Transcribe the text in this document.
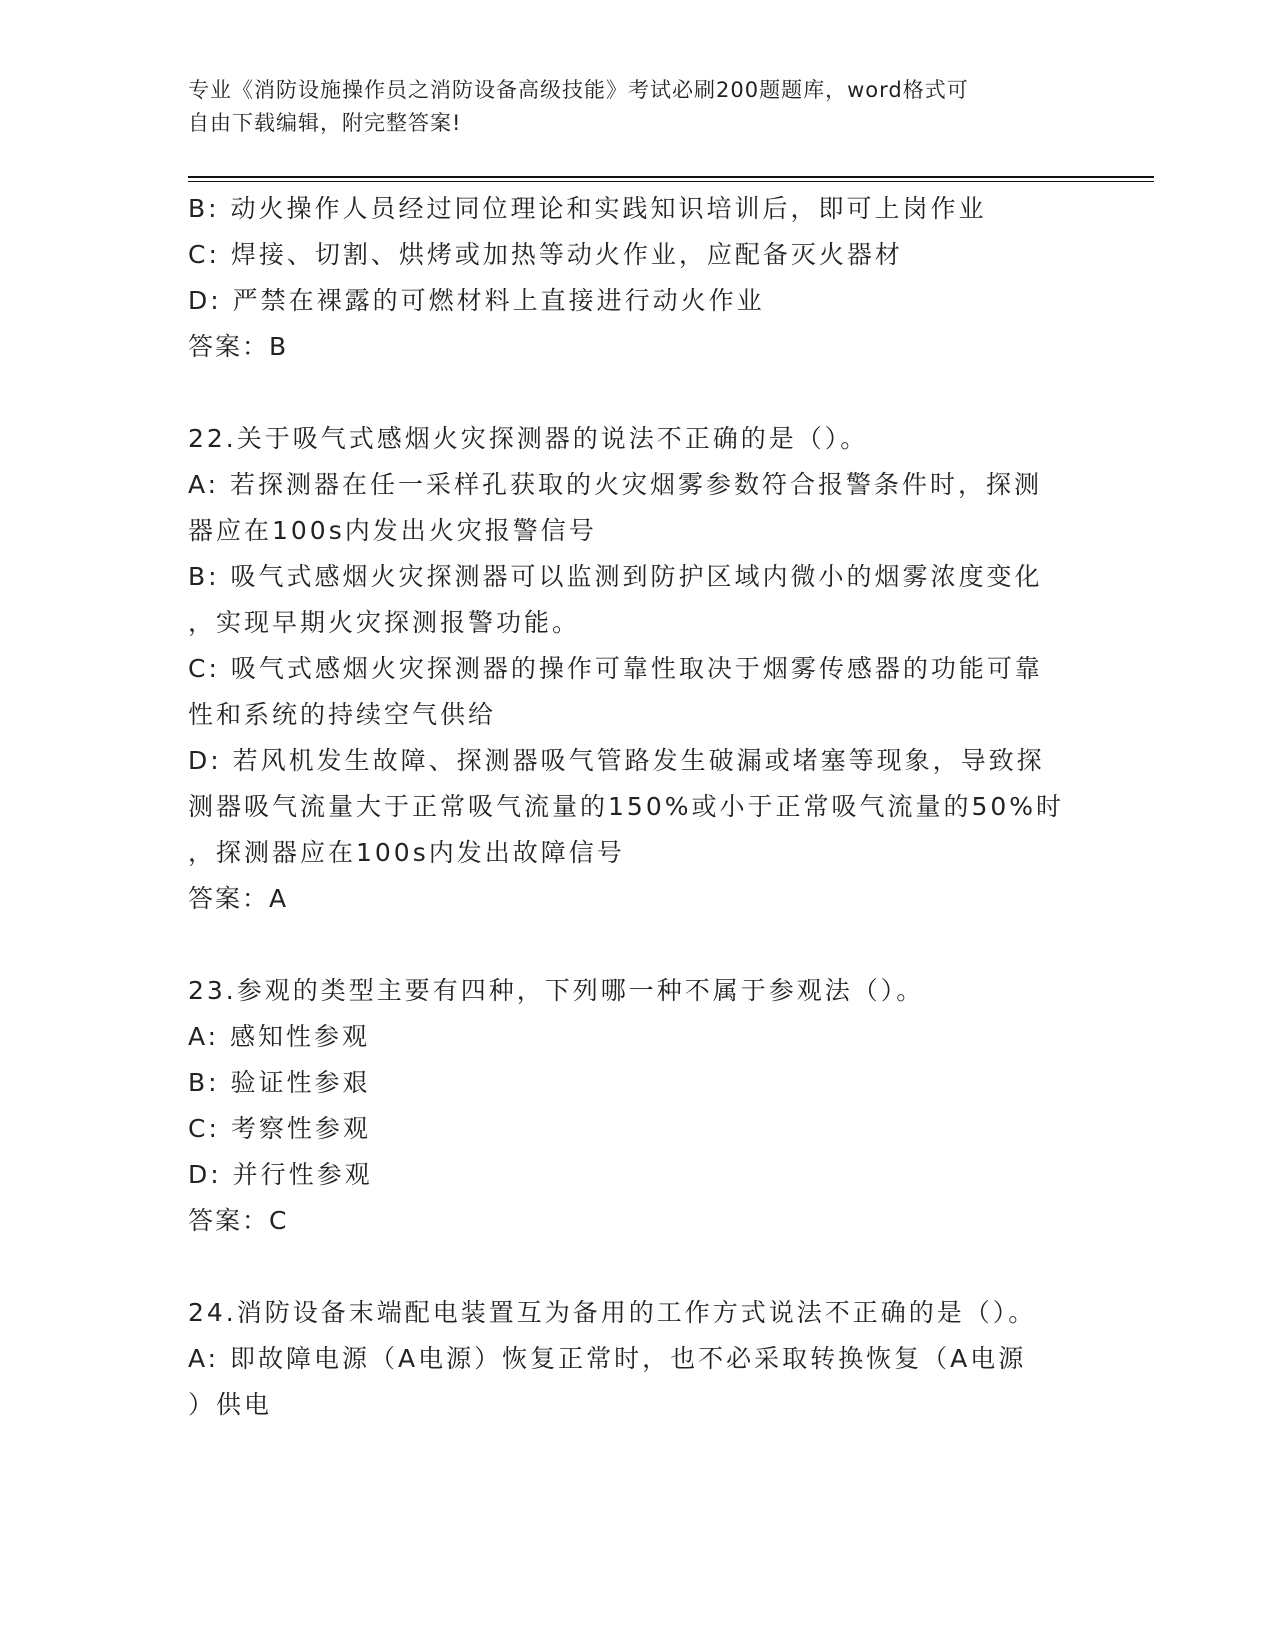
专业《消防设施操作员之消防设备高级技能》考试必刷200题题库，word格式可
自由下载编辑，附完整答案!
B: 动火操作人员经过同位理论和实践知识培训后，即可上岗作业
C: 焊接、切割、烘烤或加热等动火作业，应配备灭火器材
D: 严禁在裸露的可燃材料上直接进行动火作业
答案：B
22.关于吸气式感烟火灾探测器的说法不正确的是（）。
A: 若探测器在任一采样孔获取的火灾烟雾参数符合报警条件时，探测
器应在100s内发出火灾报警信号
B: 吸气式感烟火灾探测器可以监测到防护区域内微小的烟雾浓度变化
，实现早期火灾探测报警功能。
C: 吸气式感烟火灾探测器的操作可靠性取决于烟雾传感器的功能可靠
性和系统的持续空气供给
D: 若风机发生故障、探测器吸气管路发生破漏或堵塞等现象，导致探
测器吸气流量大于正常吸气流量的150%或小于正常吸气流量的50%时
，探测器应在100s内发出故障信号
答案：A
23.参观的类型主要有四种，下列哪一种不属于参观法（）。
A: 感知性参观
B: 验证性参艰
C: 考察性参观
D: 并行性参观
答案：C
24.消防设备末端配电装置互为备用的工作方式说法不正确的是（）。
A: 即故障电源（A电源）恢复正常时，也不必采取转换恢复（A电源
）供电
